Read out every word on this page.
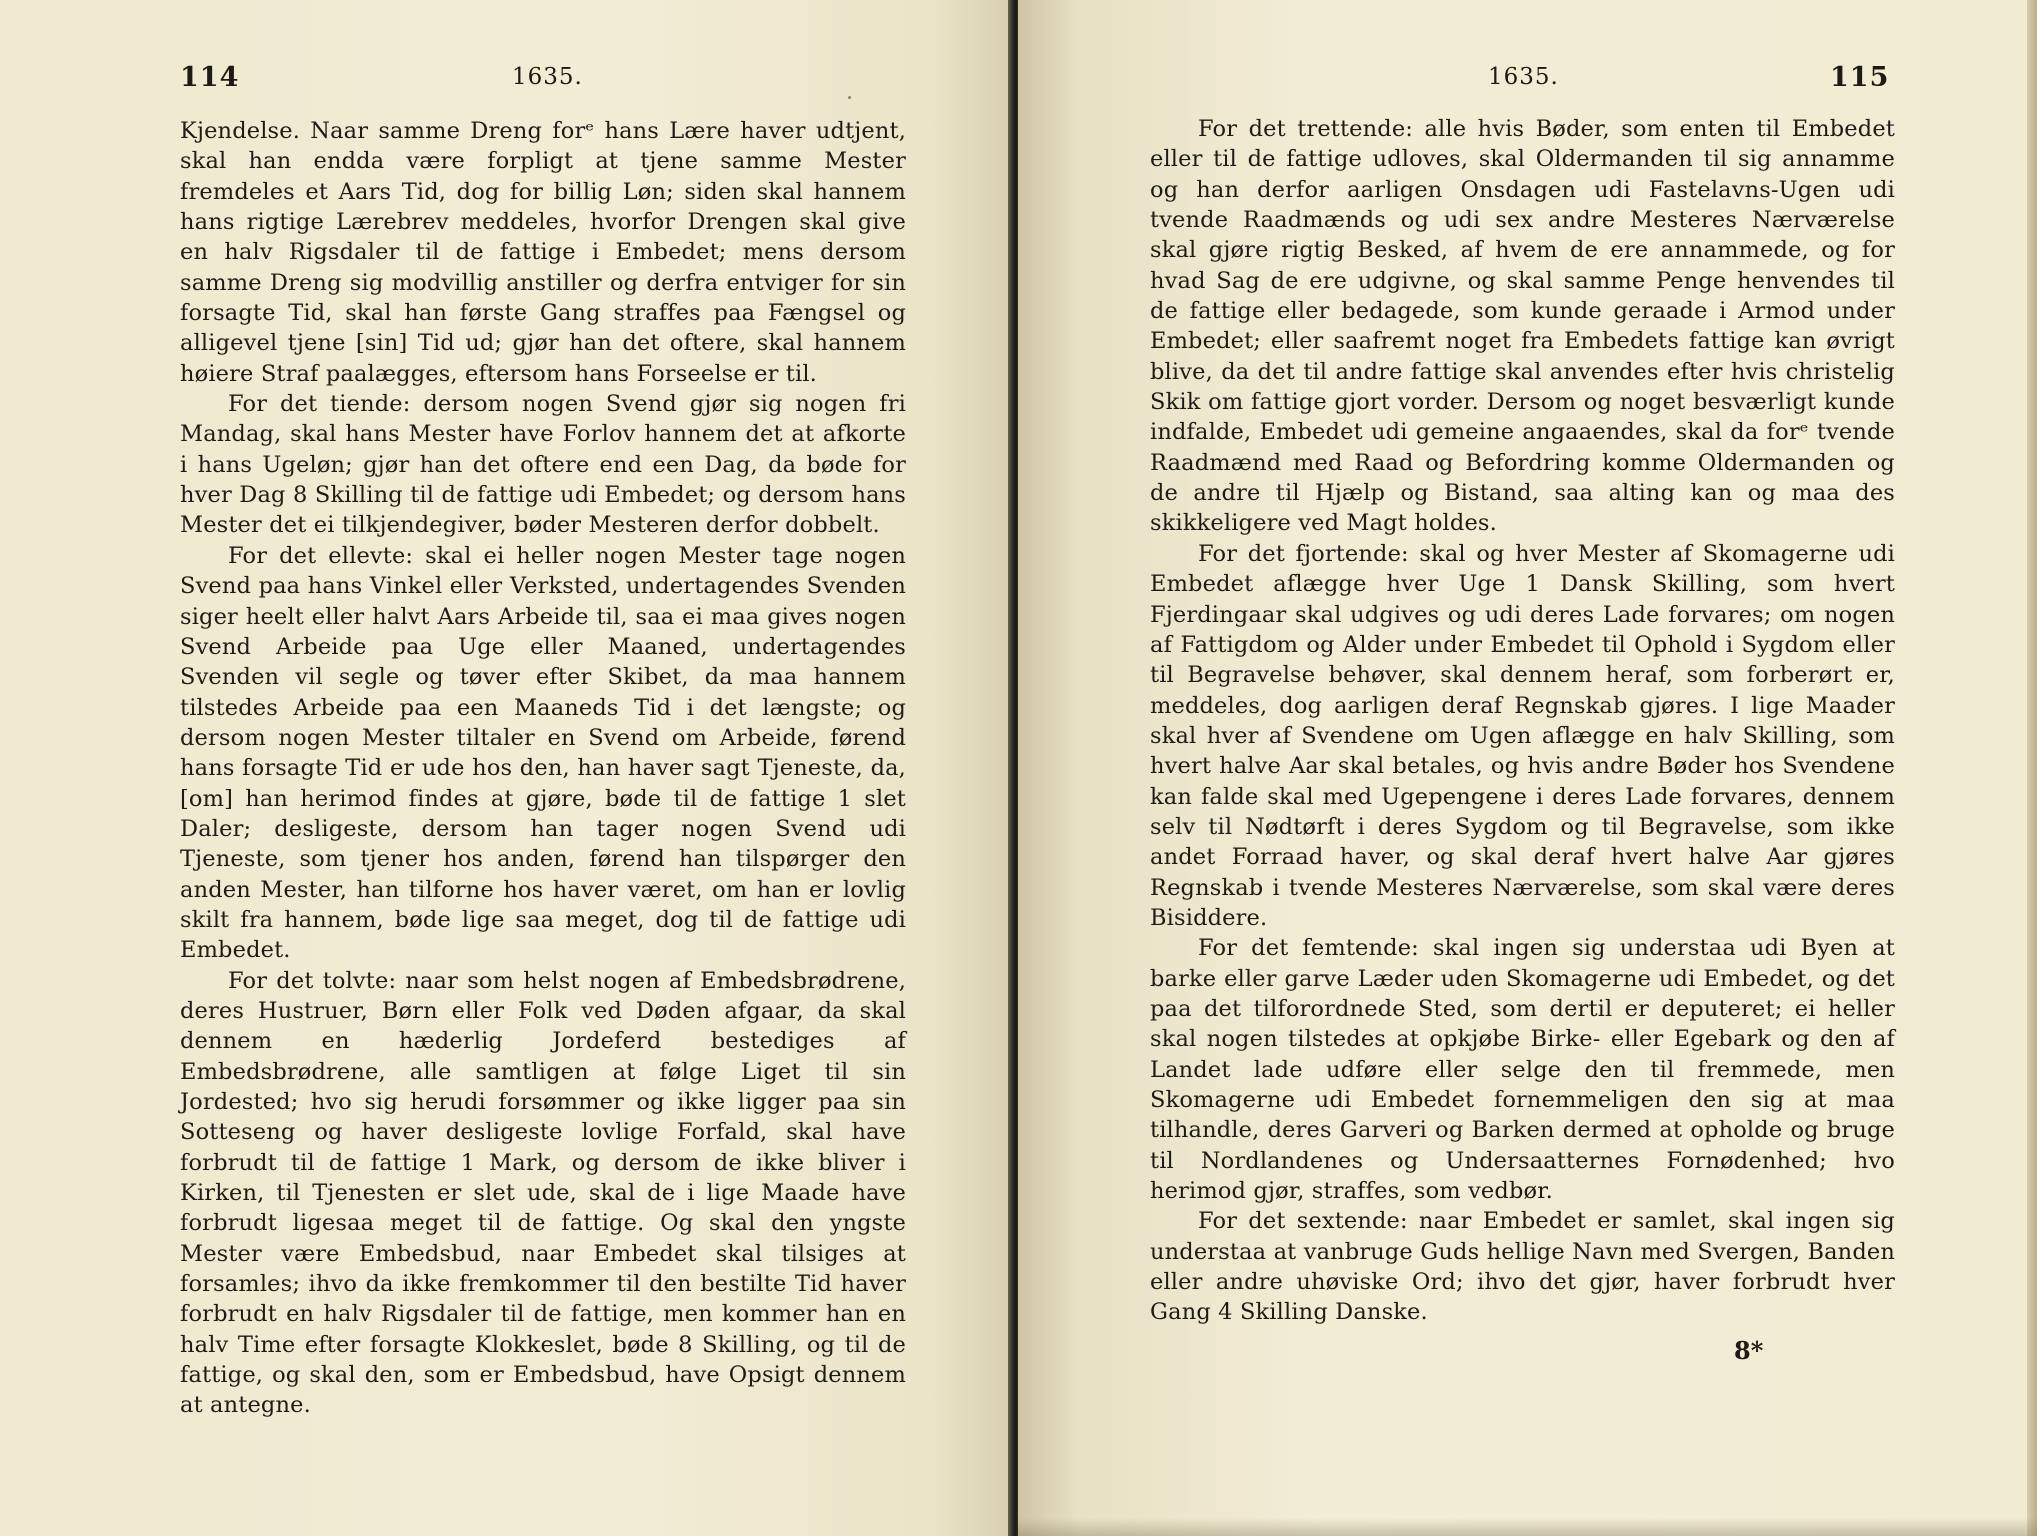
114	1635.

Kjendelse. Naar samme Dreng forᵉ hans Lære haver udtjent, skal han endda være forpligt at tjene samme Mester fremdeles et Aars Tid, dog for billig Løn; siden skal hannem hans rigtige Lærebrev meddeles, hvorfor Drengen skal give en halv Rigsdaler til de fattige i Embedet; mens dersom samme Dreng sig modvillig anstiller og derfra entviger for sin forsagte Tid, skal han første Gang straffes paa Fængsel og alligevel tjene [sin] Tid ud; gjør han det oftere, skal hannem høiere Straf paalægges, eftersom hans Forseelse er til.

For det tiende: dersom nogen Svend gjør sig nogen fri Mandag, skal hans Mester have Forlov hannem det at afkorte i hans Ugeløn; gjør han det oftere end een Dag, da bøde for hver Dag 8 Skilling til de fattige udi Embedet; og dersom hans Mester det ei tilkjendegiver, bøder Mesteren derfor dobbelt.

For det ellevte: skal ei heller nogen Mester tage nogen Svend paa hans Vinkel eller Verksted, undertagendes Svenden siger heelt eller halvt Aars Arbeide til, saa ei maa gives nogen Svend Arbeide paa Uge eller Maaned, undertagendes Svenden vil segle og tøver efter Skibet, da maa hannem tilstedes Arbeide paa een Maaneds Tid i det længste; og dersom nogen Mester tiltaler en Svend om Arbeide, førend hans forsagte Tid er ude hos den, han haver sagt Tjeneste, da, [om] han herimod findes at gjøre, bøde til de fattige 1 slet Daler; desligeste, dersom han tager nogen Svend udi Tjeneste, som tjener hos anden, førend han tilspørger den anden Mester, han tilforne hos haver været, om han er lovlig skilt fra hannem, bøde lige saa meget, dog til de fattige udi Embedet.

For det tolvte: naar som helst nogen af Embedsbrødrene, deres Hustruer, Børn eller Folk ved Døden afgaar, da skal dennem en hæderlig Jordeferd bestediges af Embedsbrødrene, alle samtligen at følge Liget til sin Jordested; hvo sig herudi forsømmer og ikke ligger paa sin Sotteseng og haver desligeste lovlige Forfald, skal have forbrudt til de fattige 1 Mark, og dersom de ikke bliver i Kirken, til Tjenesten er slet ude, skal de i lige Maade have forbrudt ligesaa meget til de fattige. Og skal den yngste Mester være Embedsbud, naar Embedet skal tilsiges at forsamles; ihvo da ikke fremkommer til den bestilte Tid haver forbrudt en halv Rigsdaler til de fattige, men kommer han en halv Time efter forsagte Klokkeslet, bøde 8 Skilling, og til de fattige, og skal den, som er Embedsbud, have Opsigt dennem at antegne.

1635.	115

For det trettende: alle hvis Bøder, som enten til Embedet eller til de fattige udloves, skal Oldermanden til sig annamme og han derfor aarligen Onsdagen udi Fastelavns-Ugen udi tvende Raadmænds og udi sex andre Mesteres Nærværelse skal gjøre rigtig Besked, af hvem de ere annammede, og for hvad Sag de ere udgivne, og skal samme Penge henvendes til de fattige eller bedagede, som kunde geraade i Armod under Embedet; eller saafremt noget fra Embedets fattige kan øvrigt blive, da det til andre fattige skal anvendes efter hvis christelig Skik om fattige gjort vorder. Dersom og noget besværligt kunde indfalde, Embedet udi gemeine angaaendes, skal da forᵉ tvende Raadmænd med Raad og Befordring komme Oldermanden og de andre til Hjælp og Bistand, saa alting kan og maa des skikkeligere ved Magt holdes.

For det fjortende: skal og hver Mester af Skomagerne udi Embedet aflægge hver Uge 1 Dansk Skilling, som hvert Fjerdingaar skal udgives og udi deres Lade forvares; om nogen af Fattigdom og Alder under Embedet til Ophold i Sygdom eller til Begravelse behøver, skal dennem heraf, som forberørt er, meddeles, dog aarligen deraf Regnskab gjøres. I lige Maader skal hver af Svendene om Ugen aflægge en halv Skilling, som hvert halve Aar skal betales, og hvis andre Bøder hos Svendene kan falde skal med Ugepengene i deres Lade forvares, dennem selv til Nødtørft i deres Sygdom og til Begravelse, som ikke andet Forraad haver, og skal deraf hvert halve Aar gjøres Regnskab i tvende Mesteres Nærværelse, som skal være deres Bisiddere.

For det femtende: skal ingen sig understaa udi Byen at barke eller garve Læder uden Skomagerne udi Embedet, og det paa det tilforordnede Sted, som dertil er deputeret; ei heller skal nogen tilstedes at opkjøbe Birke- eller Egebark og den af Landet lade udføre eller selge den til fremmede, men Skomagerne udi Embedet fornemmeligen den sig at maa tilhandle, deres Garveri og Barken dermed at opholde og bruge til Nordlandenes og Undersaatternes Fornødenhed; hvo herimod gjør, straffes, som vedbør.

For det sextende: naar Embedet er samlet, skal ingen sig understaa at vanbruge Guds hellige Navn med Svergen, Banden eller andre uhøviske Ord; ihvo det gjør, haver forbrudt hver Gang 4 Skilling Danske.

8*
